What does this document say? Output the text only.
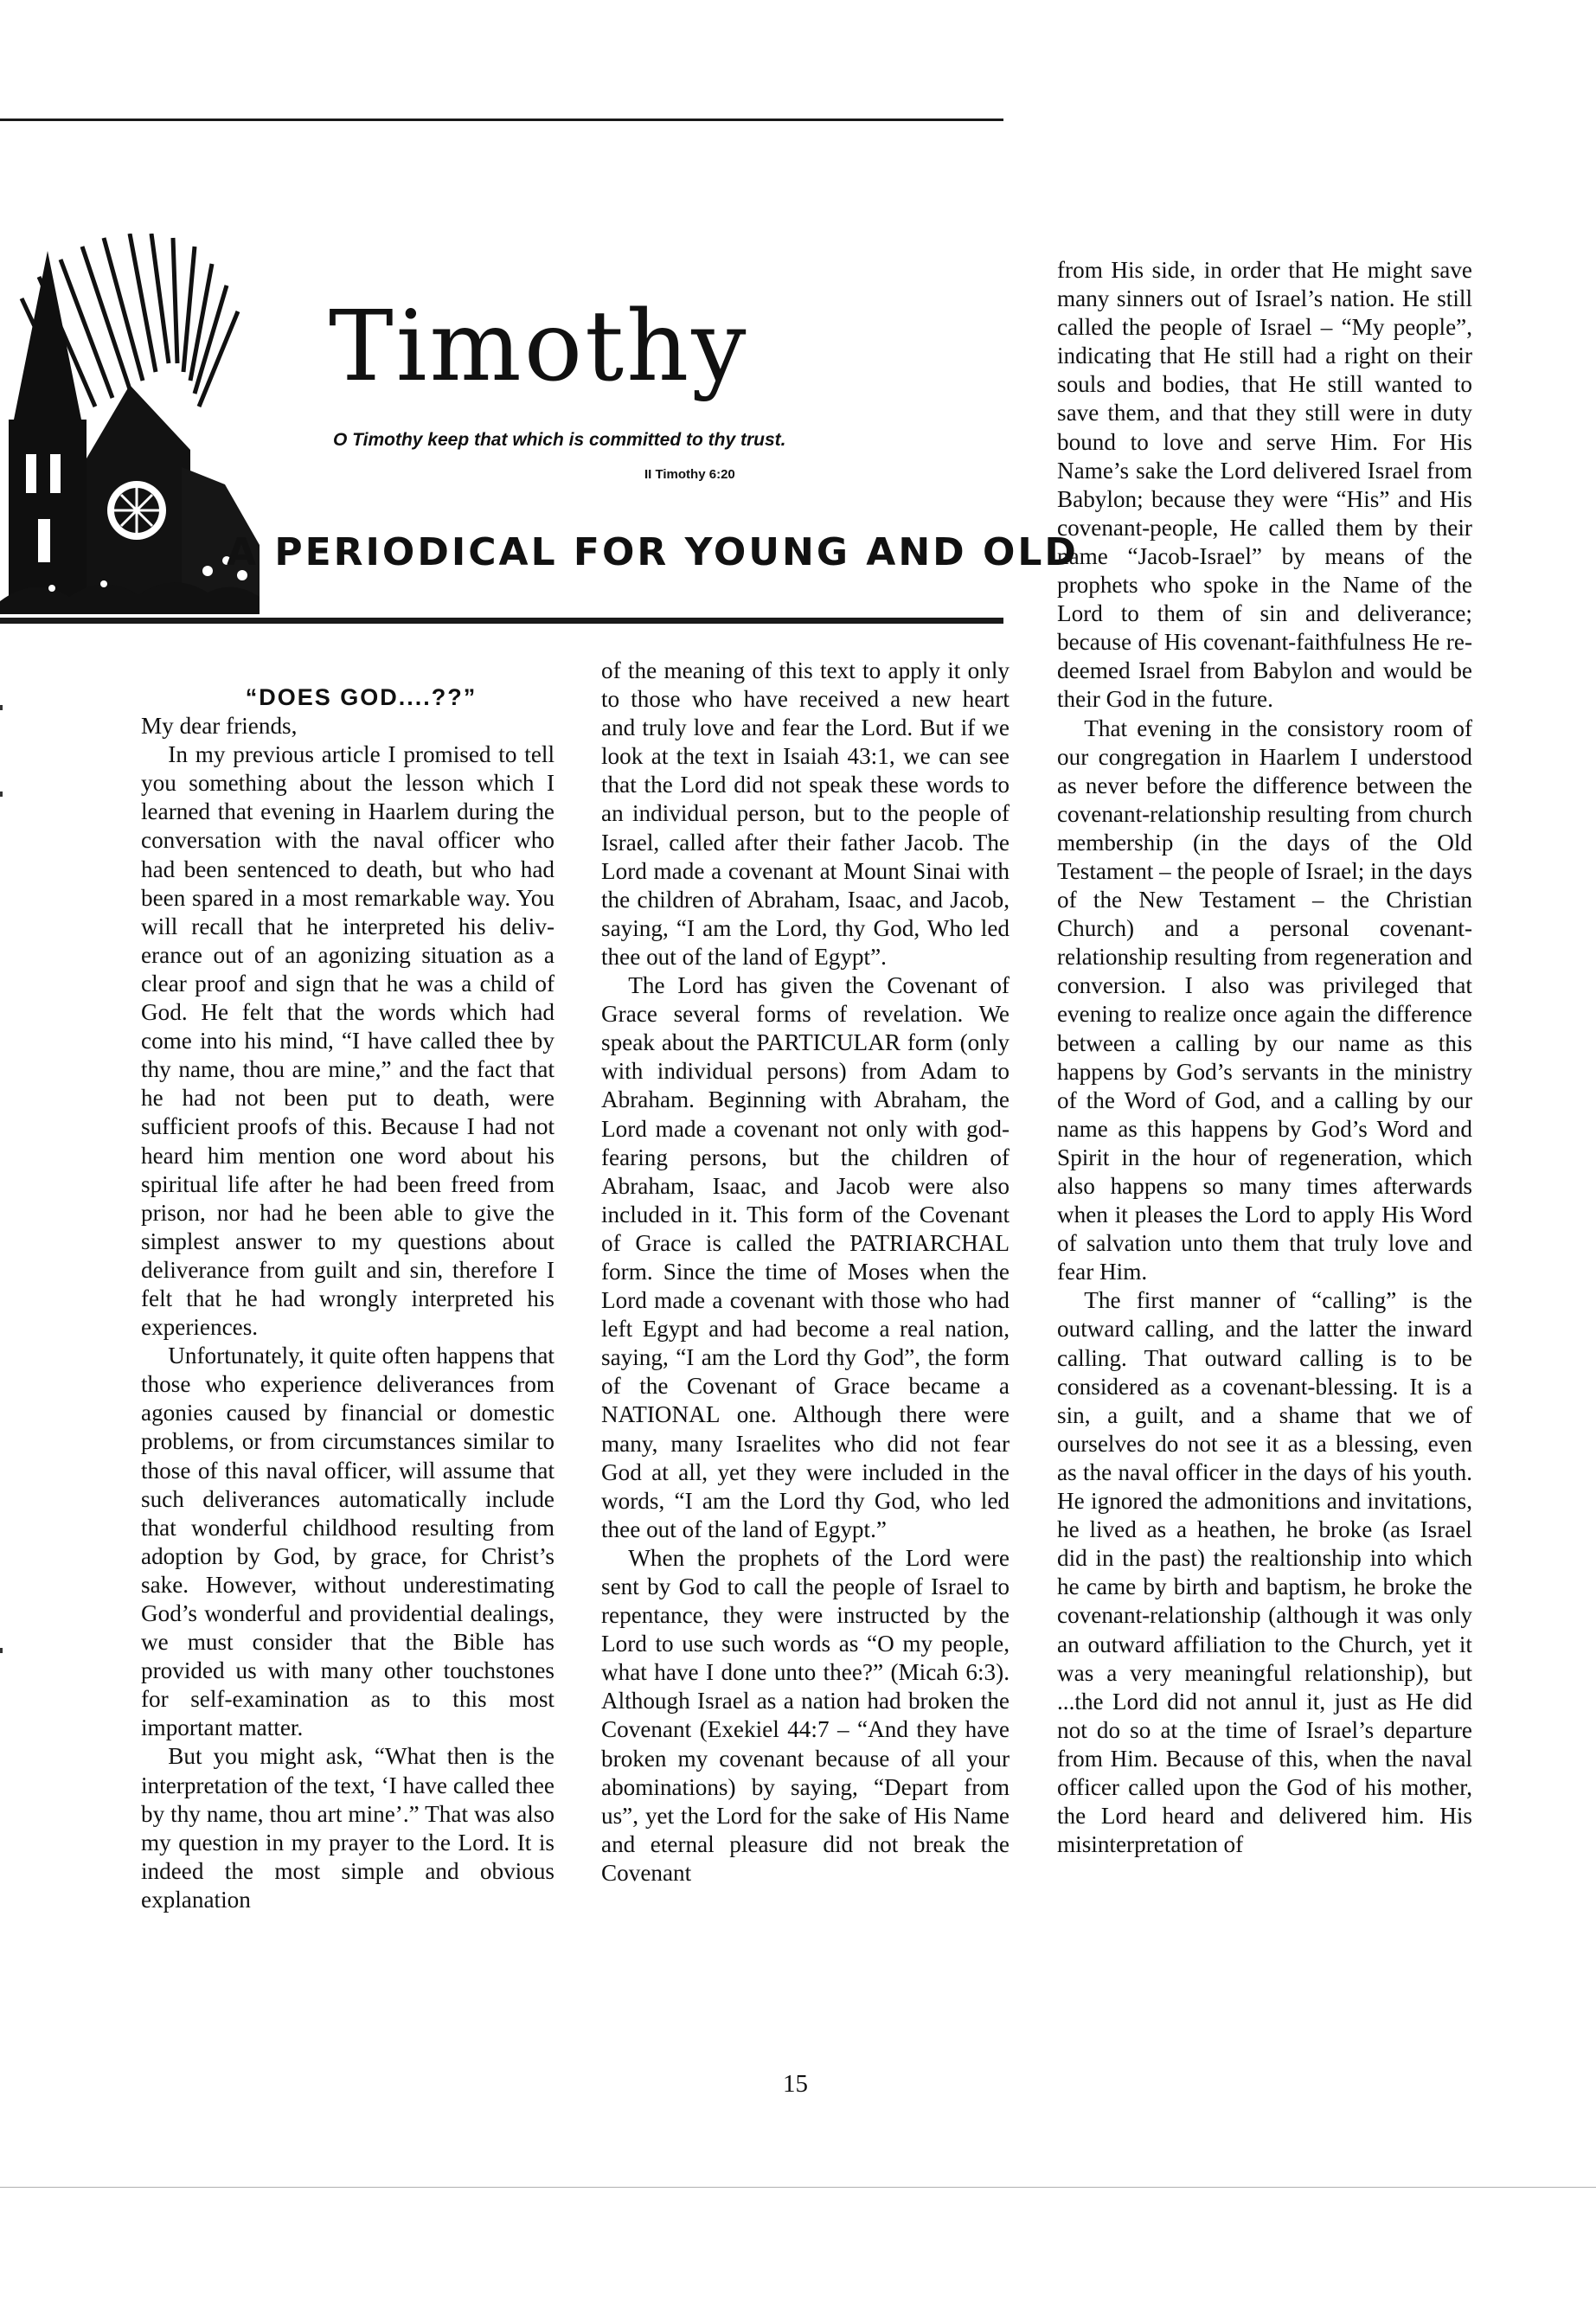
Timothy
O Timothy keep that which is committed to thy trust.
II Timothy 6:20
A PERIODICAL FOR YOUNG AND OLD

“DOES GOD....??”

My dear friends,

In my previous article I promised to tell you something about the lesson which I learned that evening in Haarlem during the conversation with the naval officer who had been sentenced to death, but who had been spared in a most remarkable way. You will recall that he interpreted his deliverance out of an agonizing situation as a clear proof and sign that he was a child of God. He felt that the words which had come into his mind, “I have called thee by thy name, thou are mine,” and the fact that he had not been put to death, were sufficient proofs of this. Because I had not heard him mention one word about his spiritual life after he had been freed from prison, nor had he been able to give the simplest answer to my questions about deliverance from guilt and sin, therefore I felt that he had wrongly interpreted his experiences.

Unfortunately, it quite often happens that those who experience deliverances from agonies caused by financial or domestic problems, or from circumstances similar to those of this naval officer, will assume that such deliverances automatically include that wonderful childhood resulting from adoption by God, by grace, for Christ’s sake. However, without underestimating God’s wonderful and providential dealings, we must consider that the Bible has provided us with many other touchstones for self-examination as to this most important matter.

But you might ask, “What then is the interpretation of the text, ‘I have called thee by thy name, thou art mine’.” That was also my question in my prayer to the Lord. It is indeed the most simple and obvious explanation

of the meaning of this text to apply it only to those who have received a new heart and truly love and fear the Lord. But if we look at the text in Isaiah 43:1, we can see that the Lord did not speak these words to an individual person, but to the people of Israel, called after their father Jacob. The Lord made a covenant at Mount Sinai with the children of Abraham, Isaac, and Jacob, saying, “I am the Lord, thy God, Who led thee out of the land of Egypt”.

The Lord has given the Covenant of Grace several forms of revelation. We speak about the PARTICULAR form (only with individual persons) from Adam to Abraham. Beginning with Abraham, the Lord made a covenant not only with god-fearing persons, but the children of Abraham, Isaac, and Jacob were also included in it. This form of the Covenant of Grace is called the PATRIARCHAL form. Since the time of Moses when the Lord made a covenant with those who had left Egypt and had become a real nation, saying, “I am the Lord thy God”, the form of the Covenant of Grace became a NATIONAL one. Although there were many, many Israelites who did not fear God at all, yet they were included in the words, “I am the Lord thy God, who led thee out of the land of Egypt.”

When the prophets of the Lord were sent by God to call the people of Israel to repentance, they were instructed by the Lord to use such words as “O my people, what have I done unto thee?” (Micah 6:3). Although Israel as a nation had broken the Covenant (Exekiel 44:7 – “And they have broken my covenant because of all your abominations) by saying, “Depart from us”, yet the Lord for the sake of His Name and eternal pleasure did not break the Covenant

from His side, in order that He might save many sinners out of Israel’s nation. He still called the people of Israel – “My people”, indicating that He still had a right on their souls and bodies, that He still wanted to save them, and that they still were in duty bound to love and serve Him. For His Name’s sake the Lord delivered Israel from Babylon; because they were “His” and His covenant-people, He called them by their name “Jacob-Israel” by means of the prophets who spoke in the Name of the Lord to them of sin and deliverance; because of His covenant-faithfulness He redeemed Israel from Babylon and would be their God in the future.

That evening in the consistory room of our congregation in Haarlem I understood as never before the difference between the covenant-relationship resulting from church membership (in the days of the Old Testament – the people of Israel; in the days of the New Testament – the Christian Church) and a personal covenant-relationship resulting from regeneration and conversion. I also was privileged that evening to realize once again the difference between a calling by our name as this happens by God’s servants in the ministry of the Word of God, and a calling by our name as this happens by God’s Word and Spirit in the hour of regeneration, which also happens so many times afterwards when it pleases the Lord to apply His Word of salvation unto them that truly love and fear Him.

The first manner of “calling” is the outward calling, and the latter the inward calling. That outward calling is to be considered as a covenant-blessing. It is a sin, a guilt, and a shame that we of ourselves do not see it as a blessing, even as the naval officer in the days of his youth. He ignored the admonitions and invitations, he lived as a heathen, he broke (as Israel did in the past) the realtionship into which he came by birth and baptism, he broke the covenant-relationship (although it was only an outward affiliation to the Church, yet it was a very meaningful relationship), but ...the Lord did not annul it, just as He did not do so at the time of Israel’s departure from Him. Because of this, when the naval officer called upon the God of his mother, the Lord heard and delivered him. His misinterpretation of

15
